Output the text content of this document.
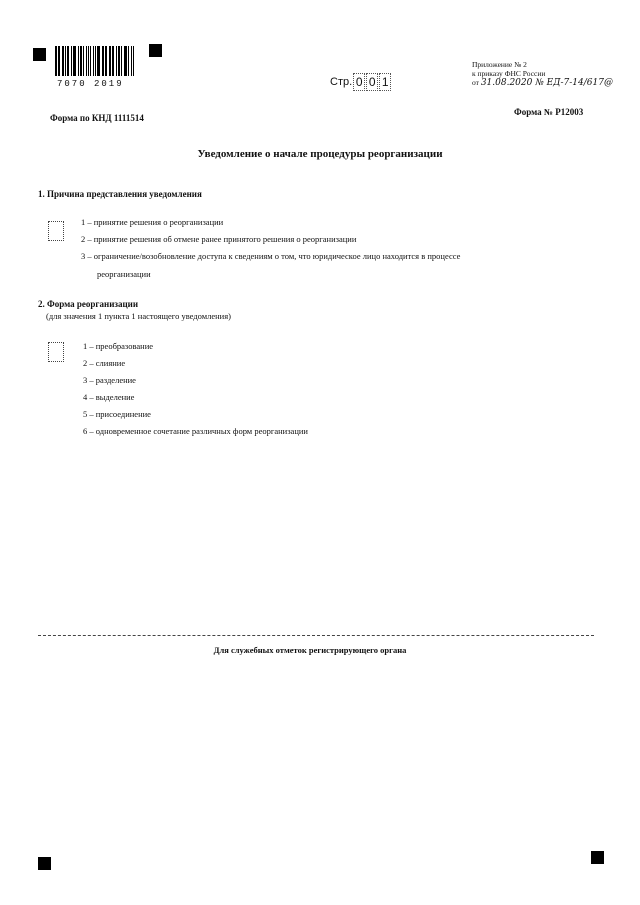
7070 2019	Стр. 0 0 1
Приложение № 2
к приказу ФНС России
от 31.08.2020 № ЕД-7-14/617@
Форма по КНД 1111514
Форма № Р12003
Уведомление о начале процедуры реорганизации
1. Причина представления уведомления
1 – принятие решения о реорганизации
2 – принятие решения об отмене ранее принятого решения о реорганизации
3 – ограничение/возобновление доступа к сведениям о том, что юридическое лицо находится в процессе
реорганизации
2. Форма реорганизации
(для значения 1 пункта 1 настоящего уведомления)
1 – преобразование
2 – слияние
3 – разделение
4 – выделение
5 – присоединение
6 – одновременное сочетание различных форм реорганизации
Для служебных отметок регистрирующего органа
